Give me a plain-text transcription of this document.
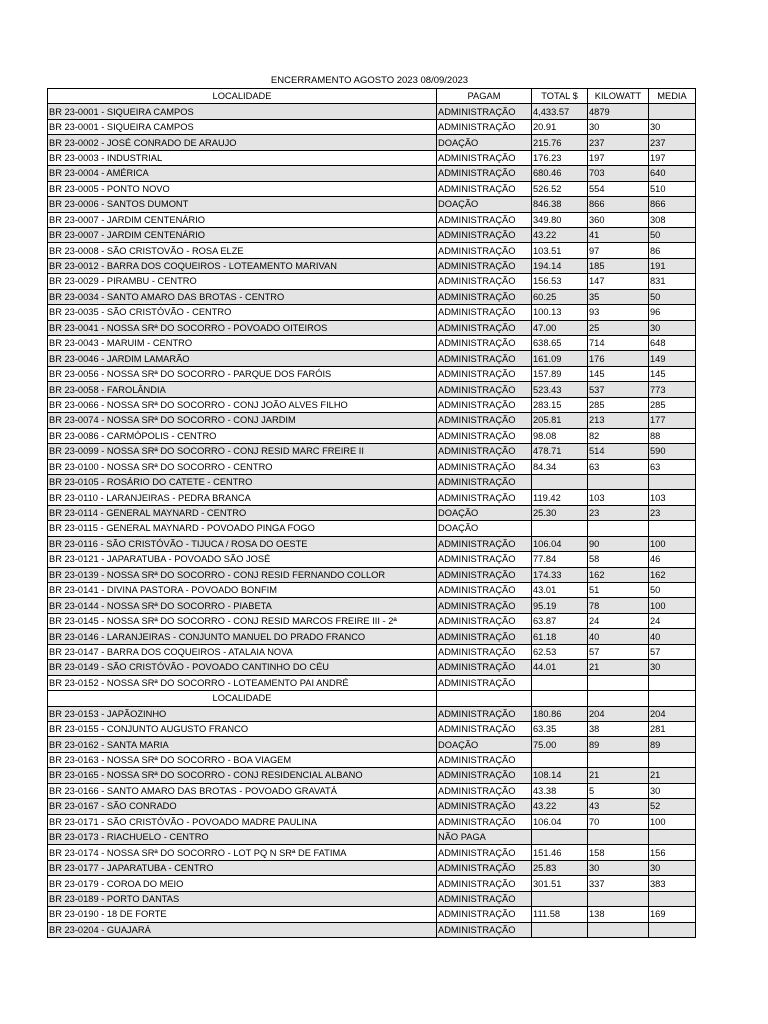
ENCERRAMENTO AGOSTO 2023 08/09/2023
LOCALIDADE	PAGAM	TOTAL $	KILOWATT	MEDIA
BR 23-0001 - SIQUEIRA CAMPOS	ADMINISTRAÇÃO	4,433.57	4879	
BR 23-0001 - SIQUEIRA CAMPOS	ADMINISTRAÇÃO	20.91	30	30
BR 23-0002 - JOSÉ CONRADO DE ARAUJO	DOAÇÃO	215.76	237	237
BR 23-0003 - INDUSTRIAL	ADMINISTRAÇÃO	176.23	197	197
BR 23-0004 - AMÉRICA	ADMINISTRAÇÃO	680.46	703	640
BR 23-0005 - PONTO NOVO	ADMINISTRAÇÃO	526.52	554	510
BR 23-0006 - SANTOS DUMONT	DOAÇÃO	846.38	866	866
BR 23-0007 - JARDIM CENTENÁRIO	ADMINISTRAÇÃO	349.80	360	308
BR 23-0007 - JARDIM CENTENÁRIO	ADMINISTRAÇÃO	43.22	41	50
BR 23-0008 - SÃO CRISTOVÃO - ROSA ELZE	ADMINISTRAÇÃO	103.51	97	86
BR 23-0012 - BARRA DOS COQUEIROS - LOTEAMENTO MARIVAN	ADMINISTRAÇÃO	194.14	185	191
BR 23-0029 - PIRAMBU - CENTRO	ADMINISTRAÇÃO	156.53	147	831
BR 23-0034 - SANTO AMARO DAS BROTAS - CENTRO	ADMINISTRAÇÃO	60.25	35	50
BR 23-0035 - SÃO CRISTÓVÃO - CENTRO	ADMINISTRAÇÃO	100.13	93	96
BR 23-0041 - NOSSA SRª DO SOCORRO - POVOADO OITEIROS	ADMINISTRAÇÃO	47.00	25	30
BR 23-0043 - MARUIM - CENTRO	ADMINISTRAÇÃO	638.65	714	648
BR 23-0046 - JARDIM LAMARÃO	ADMINISTRAÇÃO	161.09	176	149
BR 23-0056 - NOSSA SRª DO SOCORRO - PARQUE DOS FARÓIS	ADMINISTRAÇÃO	157.89	145	145
BR 23-0058 - FAROLÂNDIA	ADMINISTRAÇÃO	523.43	537	773
BR 23-0066 - NOSSA SRª DO SOCORRO - CONJ JOÃO ALVES FILHO	ADMINISTRAÇÃO	283.15	285	285
BR 23-0074 - NOSSA SRª DO SOCORRO - CONJ JARDIM	ADMINISTRAÇÃO	205.81	213	177
BR 23-0086 - CARMÓPOLIS - CENTRO	ADMINISTRAÇÃO	98.08	82	88
BR 23-0099 - NOSSA SRª DO SOCORRO - CONJ RESID MARC FREIRE II	ADMINISTRAÇÃO	478.71	514	590
BR 23-0100 - NOSSA SRª DO SOCORRO - CENTRO	ADMINISTRAÇÃO	84.34	63	63
BR 23-0105 - ROSÁRIO DO CATETE - CENTRO	ADMINISTRAÇÃO			
BR 23-0110 - LARANJEIRAS - PEDRA BRANCA	ADMINISTRAÇÃO	119.42	103	103
BR 23-0114 - GENERAL MAYNARD - CENTRO	DOAÇÃO	25.30	23	23
BR 23-0115 - GENERAL MAYNARD - POVOADO PINGA FOGO	DOAÇÃO			
BR 23-0116 - SÃO CRISTÓVÃO - TIJUCA / ROSA DO OESTE	ADMINISTRAÇÃO	106.04	90	100
BR 23-0121 - JAPARATUBA - POVOADO SÃO JOSÉ	ADMINISTRAÇÃO	77.84	58	46
BR 23-0139 - NOSSA SRª DO SOCORRO - CONJ RESID FERNANDO COLLOR	ADMINISTRAÇÃO	174.33	162	162
BR 23-0141 - DIVINA PASTORA - POVOADO BONFIM	ADMINISTRAÇÃO	43.01	51	50
BR 23-0144 - NOSSA SRª DO SOCORRO - PIABETA	ADMINISTRAÇÃO	95.19	78	100
BR 23-0145 - NOSSA SRª DO SOCORRO - CONJ RESID MARCOS FREIRE III - 2ª	ADMINISTRAÇÃO	63.87	24	24
BR 23-0146 - LARANJEIRAS - CONJUNTO MANUEL DO PRADO FRANCO	ADMINISTRAÇÃO	61.18	40	40
BR 23-0147 - BARRA DOS COQUEIROS - ATALAIA NOVA	ADMINISTRAÇÃO	62.53	57	57
BR 23-0149 - SÃO CRISTÓVÃO - POVOADO CANTINHO DO CÉU	ADMINISTRAÇÃO	44.01	21	30
BR 23-0152 - NOSSA SRª DO SOCORRO - LOTEAMENTO PAI ANDRÉ	ADMINISTRAÇÃO			
LOCALIDADE				
BR 23-0153 - JAPÃOZINHO	ADMINISTRAÇÃO	180.86	204	204
BR 23-0155 - CONJUNTO AUGUSTO FRANCO	ADMINISTRAÇÃO	63.35	38	281
BR 23-0162 - SANTA MARIA	DOAÇÃO	75.00	89	89
BR 23-0163 - NOSSA SRª DO SOCORRO - BOA VIAGEM	ADMINISTRAÇÃO			
BR 23-0165 - NOSSA SRª DO SOCORRO - CONJ RESIDENCIAL ALBANO	ADMINISTRAÇÃO	108.14	21	21
BR 23-0166 - SANTO AMARO DAS BROTAS - POVOADO GRAVATÁ	ADMINISTRAÇÃO	43.38	5	30
BR 23-0167 - SÃO CONRADO	ADMINISTRAÇÃO	43.22	43	52
BR 23-0171 - SÃO CRISTÓVÃO - POVOADO MADRE PAULINA	ADMINISTRAÇÃO	106.04	70	100
BR 23-0173 - RIACHUELO - CENTRO	NÃO PAGA			
BR 23-0174 - NOSSA SRª DO SOCORRO - LOT PQ N SRª DE FATIMA	ADMINISTRAÇÃO	151.46	158	156
BR 23-0177 - JAPARATUBA - CENTRO	ADMINISTRAÇÃO	25.83	30	30
BR 23-0179 - COROA DO MEIO	ADMINISTRAÇÃO	301.51	337	383
BR 23-0189 - PORTO DANTAS	ADMINISTRAÇÃO			
BR 23-0190 - 18 DE FORTE	ADMINISTRAÇÃO	111.58	138	169
BR 23-0204 - GUAJARÁ	ADMINISTRAÇÃO			
